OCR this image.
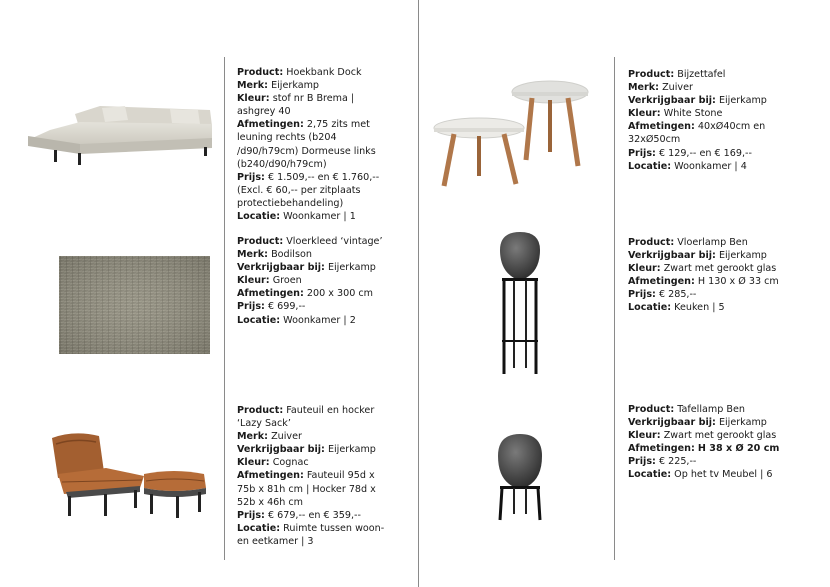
Product: Hoekbank Dock
Merk: Eijerkamp
Kleur: stof nr B Brema | ashgrey 40
Afmetingen: 2,75 zits met leuning rechts (b204 /d90/h79cm) Dormeuse links (b240/d90/h79cm)
Prijs: € 1.509,-- en € 1.760,-- (Excl. € 60,-- per zitplaats protectiebehandeling)
Locatie: Woonkamer | 1
Product: Vloerkleed ‘vintage’
Merk: Bodilson
Verkrijgbaar bij: Eijerkamp
Kleur: Groen
Afmetingen: 200 x 300 cm
Prijs: € 699,--
Locatie: Woonkamer | 2
Product: Fauteuil en hocker ‘Lazy Sack’
Merk: Zuiver
Verkrijgbaar bij: Eijerkamp
Kleur: Cognac
Afmetingen: Fauteuil 95d x 75b x 81h cm | Hocker 78d x 52b x 46h cm
Prijs: € 679,-- en € 359,--
Locatie: Ruimte tussen woon- en eetkamer | 3
Product: Bijzettafel
Merk: Zuiver
Verkrijgbaar bij: Eijerkamp
Kleur: White Stone
Afmetingen: 40xØ40cm en 32xØ50cm
Prijs: € 129,-- en € 169,--
Locatie: Woonkamer | 4
Product: Vloerlamp Ben
Verkrijgbaar bij: Eijerkamp
Kleur: Zwart met gerookt glas
Afmetingen: H 130 x Ø 33 cm
Prijs: € 285,--
Locatie: Keuken | 5
Product: Tafellamp Ben
Verkrijgbaar bij: Eijerkamp
Kleur: Zwart met gerookt glas
Afmetingen: H 38 x Ø 20 cm
Prijs: € 225,--
Locatie: Op het tv Meubel | 6
